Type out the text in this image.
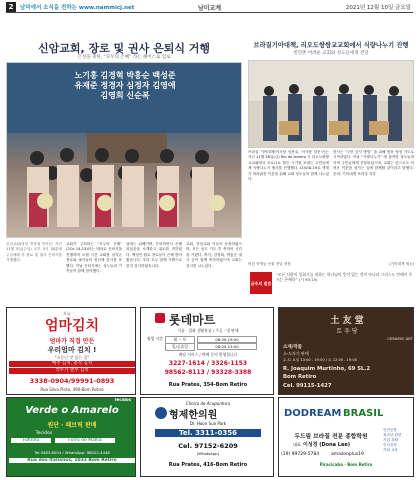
2	남미에서 소식을 전하는 www.nammicj.net	남미교계	2021년 12월 10일 금요일
신암교회, 장로 및 권사 은퇴식 거행
은성을 축하, “모두의 은혜” 라는 헤어스로 임로
노기홍 김경혁 박홍순 백성준
유재준 정경자 심정자 김영애
김영희 신순복

신암교회(담임 전형권 목사)는 지난 11월 5일(주일) 오후 3시 30분에 주일예배 후 장로 및 권사 은퇴식을 거행했다.

교회가 주최하는 “모두의 은혜” (2Co 14-13)라는 테마로 은퇴식을 진행하며 오랜 시간 교회를 섬겨온 장로와 권사들의 헌신에 감사를 표했다. 이날 은퇴식에는 성도들과 가족들이 함께 참석했다.

날에는 위해가며, 은퇴하면서 은혜되었음을 소개하고 위로를 전하였다. 백성인 원로 장로들이 은혜 받아왔습니다. 우리 모두 함께 기쁨으로 즐겨 감사하였습니다.

교회, 전임교회 이들이 동참하였으며, 모든 성도 기도 후 축하의 시간을 가졌다. 축가, 김영희, 박홍순 권사 등이 함께 축하하였으며 교회는 감사를 나누었다.

브라질기아대책, 리오도쌍쌍교교회에서 식량나누기 진행
빈민촌 어려운 교회와 성도들에게 전달

브라질 기아대책(이사장 임용호, 이사장 한문구)는 지난 11월 26일(금) Rio do Janeiro 시 리오도쌍쌍교교회에서 코로나로 힘든 시기를 보내는 주민들에게 식량나누기 행사를 진행했다. COVID-19로 생계가 어려워진 이웃을 위해 교회 성도들과 함께 나누었다.

봉사는 “주민 감사 방법” 을 위해 합동 영성 기도로 시작하였다. 이날 “식량나누기” 에 참여한 성도들과 지역 주민들에게 전달되었으며, 교회는 앞으로도 어려운 이웃을 섬기는 일에 함께할 것이라고 밝혔다. 문의: 기아대책 브라질 지부

어린 학생들 선물 전달 현장	(기아대책 제공)
금주의 말씀
“모든 사람이 일하기를 원하는 하나님의 뜻이 있는 것이 아니라 그리스도 안에서 주시는 은혜라” (시 93:15)
오늘
엄마김치
엄마가 직접 만든
우리엄마 김치 !
“소문난 맛 있는 집”
배추 김치, 총각 김치
깍두기 열무 김치
3338-0904/99991-0893
Rua Silva Pinto, 490-Bom Retiro
롯데마트
식품 · 잡화 생활용품 / 주류 · 냉 판매
영업 시간	월 ~ 토	08:00-19:00
일/공휴일	08:00-15:00
배달 서비스 / 택배 문의 환영합니다
3227-1614 / 3326-1153
98562-8113 / 93328-3388
Rua Prates, 354-Bom Retiro
土 友 堂
토 우 당
CERAMIC ART
소재/작품
소·도자기 판매
수,토 요일 13:00 - 19:00 / 토 12:00 - 19:00
R. Joaquim Murtinho, 69 SL.2
Bom Retiro
Cel. 99115-1427
Tecidos
Verde o Amarelo
원단 · 패브릭 판매
Tecidos
Fofinho	Forro de Malha
Tel:3483-8004 / WhatsApp: 98022-4448
Rua dos Italianos, 1033 Bom Retiro
Clinica de Acupuntura
형제한의원
Dr. Hoon Sun Park
Tel. 3311-0356
Cel. 97152-6209
(WhatsApp)
Rua Prates, 416-Bom Retiro
DODREAM BRASIL
두드림 브라질 전문 종합학원
대표 이성경 (Dona Lee)
(19) 99729-5784	amazonplus19
인천공항
청소년 관련
기업 강좌
인사유학
기타 교육
Piracicaba · Bom Retiro
